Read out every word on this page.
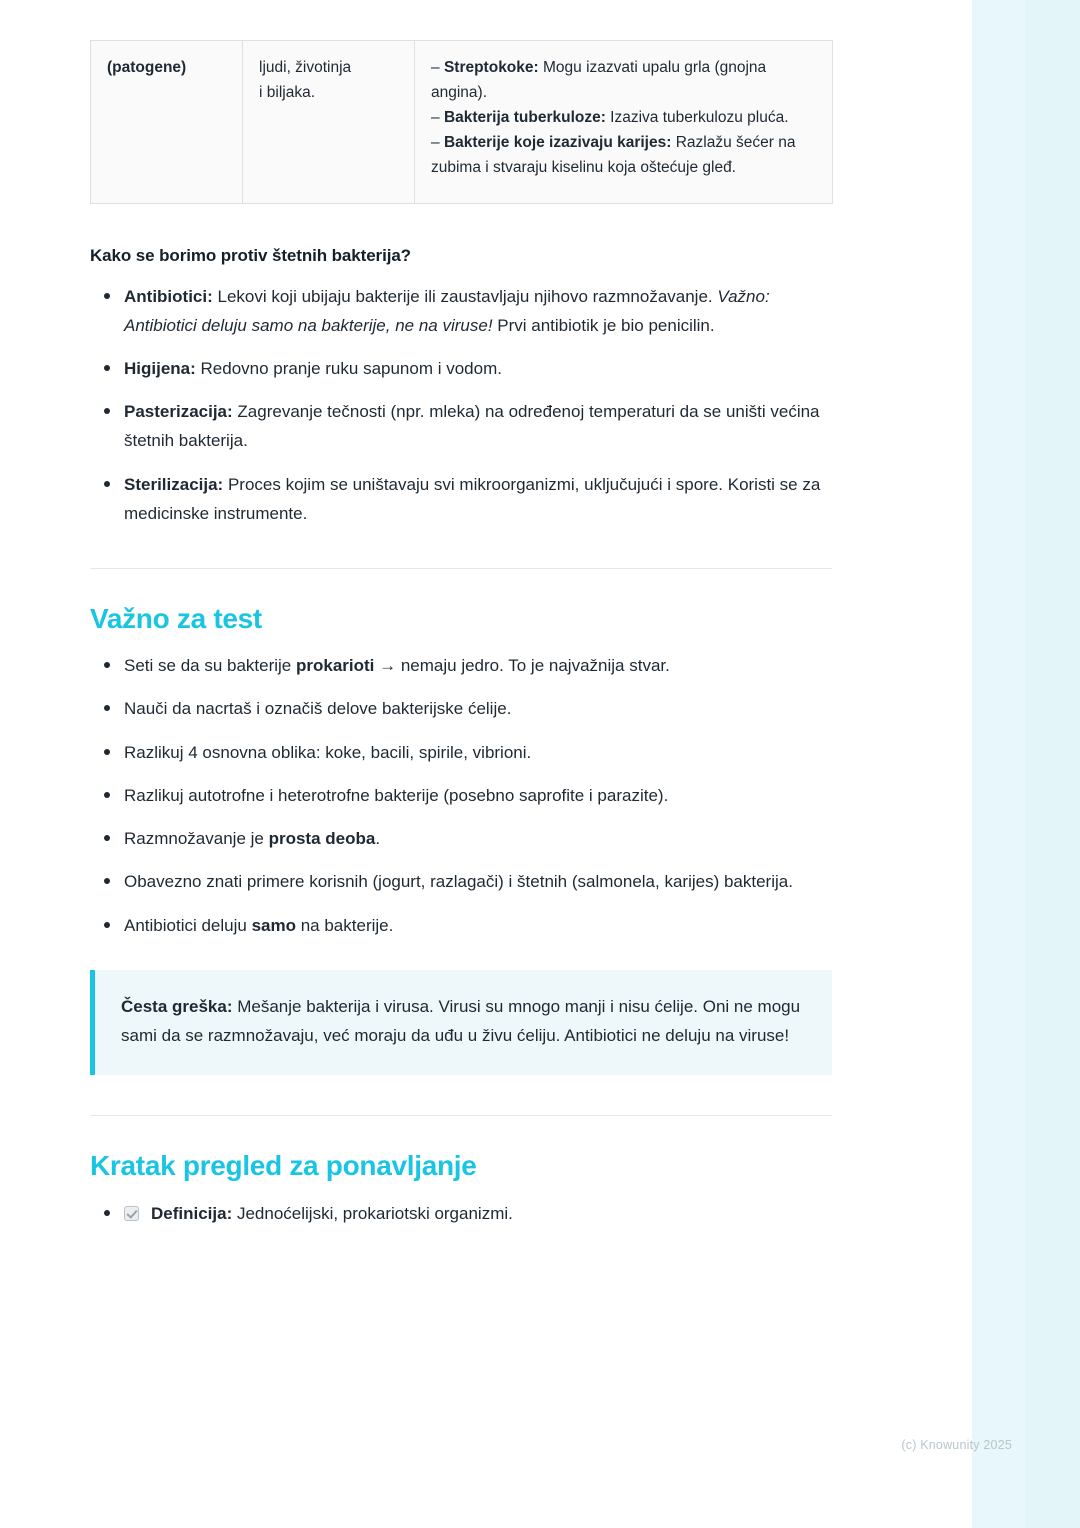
(patogene)	ljudi, životinja
i biljaka.

– Streptokoke: Mogu izazvati upalu grla (gnojna angina).
– Bakterija tuberkuloze: Izaziva tuberkulozu pluća.
– Bakterije koje izazivaju karijes: Razlažu šećer na zubima i stvaraju kiselinu koja oštećuje gleđ.
Kako se borimo protiv štetnih bakterija?
Antibiotici: Lekovi koji ubijaju bakterije ili zaustavljaju njihovo razmnožavanje. Važno: Antibiotici deluju samo na bakterije, ne na viruse! Prvi antibiotik je bio penicilin.
Higijena: Redovno pranje ruku sapunom i vodom.
Pasterizacija: Zagrevanje tečnosti (npr. mleka) na određenoj temperaturi da se uništi većina štetnih bakterija.
Sterilizacija: Proces kojim se uništavaju svi mikroorganizmi, uključujući i spore. Koristi se za medicinske instrumente.
Važno za test
Seti se da su bakterije prokarioti → nemaju jedro. To je najvažnija stvar.
Nauči da nacrtaš i označiš delove bakterijske ćelije.
Razlikuj 4 osnovna oblika: koke, bacili, spirile, vibrioni.
Razlikuj autotrofne i heterotrofne bakterije (posebno saprofite i parazite).
Razmnožavanje je prosta deoba.
Obavezno znati primere korisnih (jogurt, razlagači) i štetnih (salmonela, karijes) bakterija.
Antibiotici deluju samo na bakterije.
Česta greška: Mešanje bakterija i virusa. Virusi su mnogo manji i nisu ćelije. Oni ne mogu sami da se razmnožavaju, već moraju da uđu u živu ćeliju. Antibiotici ne deluju na viruse!
Kratak pregled za ponavljanje
Definicija: Jednoćelijski, prokariotski organizmi.
(c) Knowunity 2025
